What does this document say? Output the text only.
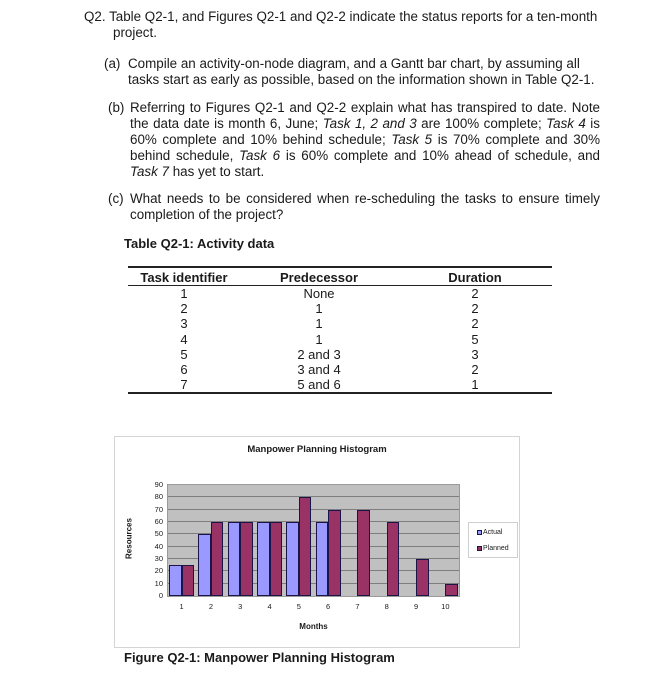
Q2. Table Q2-1, and Figures Q2-1 and Q2-2 indicate the status reports for a ten-month
project.
(a) Compile an activity-on-node diagram, and a Gantt bar chart, by assuming all tasks start as early as possible, based on the information shown in Table Q2-1.
(b) Referring to Figures Q2-1 and Q2-2 explain what has transpired to date. Note the data date is month 6, June; Task 1, 2 and 3 are 100% complete; Task 4 is 60% complete and 10% behind schedule; Task 5 is 70% complete and 30% behind schedule, Task 6 is 60% complete and 10% ahead of schedule, and Task 7 has yet to start.
(c) What needs to be considered when re-scheduling the tasks to ensure timely completion of the project?
Table Q2-1: Activity data
Task identifier	Predecessor	Duration
1	None	2
2	1	2
3	1	2
4	1	5
5	2 and 3	3
6	3 and 4	2
7	5 and 6	1
Manpower Planning Histogram
0
10
20
30
40
50
60
70
80
90
1	2	3	4	5	6	7	8	9	10
Resources
Months
Actual
Planned
Figure Q2-1: Manpower Planning Histogram
